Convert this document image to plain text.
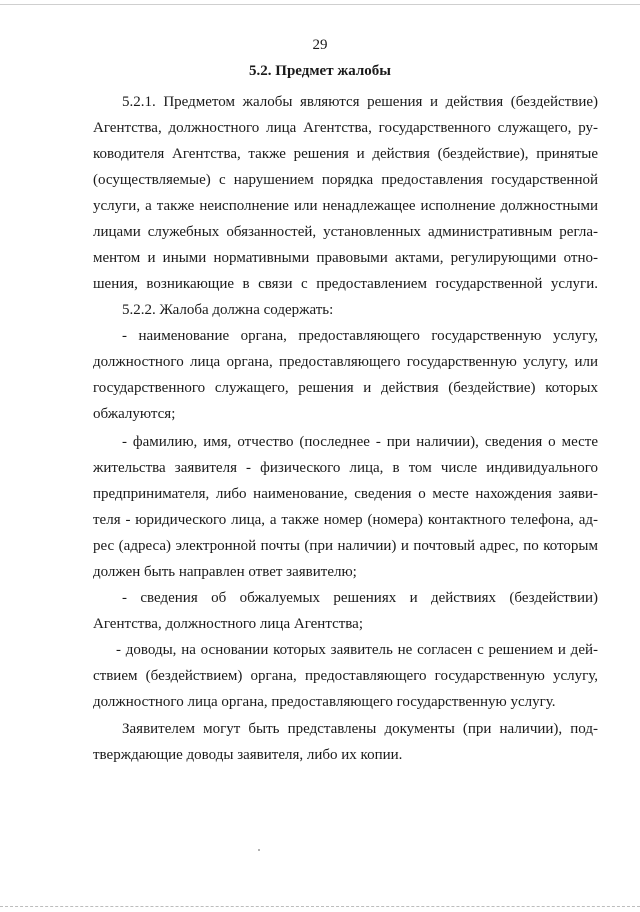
29
5.2. Предмет жалобы
5.2.1. Предметом жалобы являются решения и действия (бездействие)
Агентства, должностного лица Агентства, государственного служащего, ру-
ководителя Агентства, также решения и действия (бездействие), принятые
(осуществляемые) с нарушением порядка предоставления государственной
услуги, а также неисполнение или ненадлежащее исполнение должностными
лицами служебных обязанностей, установленных административным регла-
ментом и иными нормативными правовыми актами, регулирующими отно-
шения, возникающие в связи с предоставлением государственной услуги.
5.2.2. Жалоба должна содержать:
- наименование органа, предоставляющего государственную услугу,
должностного лица органа, предоставляющего государственную услугу, или
государственного служащего, решения и действия (бездействие) которых
обжалуются;
- фамилию, имя, отчество (последнее - при наличии), сведения о месте
жительства заявителя - физического лица, в том числе индивидуального
предпринимателя, либо наименование, сведения о месте нахождения заяви-
теля - юридического лица, а также номер (номера) контактного телефона, ад-
рес (адреса) электронной почты (при наличии) и почтовый адрес, по которым
должен быть направлен ответ заявителю;
- сведения об обжалуемых решениях и действиях (бездействии)
Агентства, должностного лица Агентства;
- доводы, на основании которых заявитель не согласен с решением и дей-
ствием (бездействием) органа, предоставляющего государственную услугу,
должностного лица органа, предоставляющего государственную услугу.
Заявителем могут быть представлены документы (при наличии), под-
тверждающие доводы заявителя, либо их копии.
